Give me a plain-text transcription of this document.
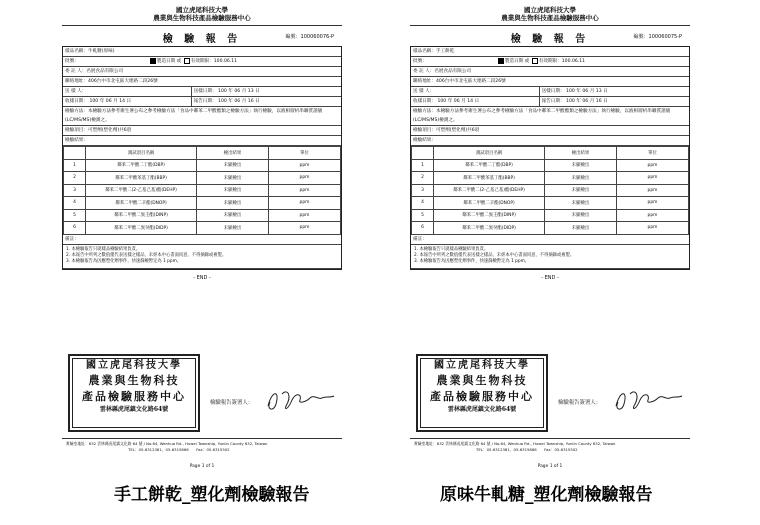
國立虎尾科技大學
農業與生物科技產品檢驗服務中心
檢 驗 報 告	編號：100060076-P
樣品名稱：牛軋糖(原味)
批號：	製造日期 或 有效期限：100.06.11
委 託 人：名展食品有限公司
聯絡地址：406台中市北屯區大連路二段26號
送 樣 人：	送樣日期： 100 年 06 月 13 日
收樣日期： 100 年 06 月 14 日	報告日期： 100 年 06 月 16 日
檢驗方法：本檢驗方法參考衛生署公布之參考檢驗方法「食品中鄰苯二甲酸酯類之檢驗方法」執行檢驗，以液相層析串聯質譜儀(LC/MS/MS)檢測之。
檢驗項目：可塑劑(塑化劑)共6項
檢驗結果：
	測試項目名稱	檢出結果	單位
1	鄰苯二甲酸二丁酯(DBP)	未顯檢出	ppm
2	鄰苯二甲酸苯基丁酯(BBP)	未顯檢出	ppm
3	鄰苯二甲酸二(2-乙基己基)酯(DEHP)	未顯檢出	ppm
4	鄰苯二甲酸二辛酯(DNOP)	未顯檢出	ppm
5	鄰苯二甲酸二異壬酯(DINP)	未顯檢出	ppm
6	鄰苯二甲酸二異癸酯(DIDP)	未顯檢出	ppm
備註：
1. 本檢驗報告只就樣品檢驗結果負責。
2. 本報告中所列之數值僅代表送樣之樣品，未經本中心書面同意，不得摘錄或複製。
3. 本檢驗報告為因應塑化劑事件，快速篩檢暫定為 1 ppm。
- END -
國立虎尾科技大學
農業與生物科技
產品檢驗服務中心
雲林縣虎尾鎮文化路64號
檢驗報告簽署人：
實驗室地址：632 雲林縣虎尾鎮文化路 64 號 / No.64, Wenhua Rd., Huwei Township, Yunlin County 632, Taiwan
TEL：05-6312381、05-6315866　　Fax：05-6315502
Page 1 of 1
國立虎尾科技大學
農業與生物科技產品檢驗服務中心
檢 驗 報 告	編號：100060075-P
樣品名稱：手工餅乾
批號：	製造日期 或 有效期限：100.06.11
委 託 人：名展食品有限公司
聯絡地址：406台中市北屯區大連路二段26號
送 樣 人：	送樣日期： 100 年 06 月 13 日
收樣日期： 100 年 06 月 14 日	報告日期： 100 年 06 月 16 日
檢驗方法：本檢驗方法參考衛生署公布之參考檢驗方法「食品中鄰苯二甲酸酯類之檢驗方法」執行檢驗，以液相層析串聯質譜儀(LC/MS/MS)檢測之。
檢驗項目：可塑劑(塑化劑)共6項
檢驗結果：
	測試項目名稱	檢出結果	單位
1	鄰苯二甲酸二丁酯(DBP)	未顯檢出	ppm
2	鄰苯二甲酸苯基丁酯(BBP)	未顯檢出	ppm
3	鄰苯二甲酸二(2-乙基己基)酯(DEHP)	未顯檢出	ppm
4	鄰苯二甲酸二辛酯(DNOP)	未顯檢出	ppm
5	鄰苯二甲酸二異壬酯(DINP)	未顯檢出	ppm
6	鄰苯二甲酸二異癸酯(DIDP)	未顯檢出	ppm
備註：
1. 本檢驗報告只就樣品檢驗結果負責。
2. 本報告中所列之數值僅代表送樣之樣品，未經本中心書面同意，不得摘錄或複製。
3. 本檢驗報告為因應塑化劑事件，快速篩檢暫定為 1 ppm。
- END -
國立虎尾科技大學
農業與生物科技
產品檢驗服務中心
雲林縣虎尾鎮文化路64號
檢驗報告簽署人：
實驗室地址：632 雲林縣虎尾鎮文化路 64 號 / No.64, Wenhua Rd., Huwei Township, Yunlin County 632, Taiwan
TEL：05-6312381、05-6315866　　Fax：05-6315502
Page 1 of 1
手工餅乾_塑化劑檢驗報告	原味牛軋糖_塑化劑檢驗報告
